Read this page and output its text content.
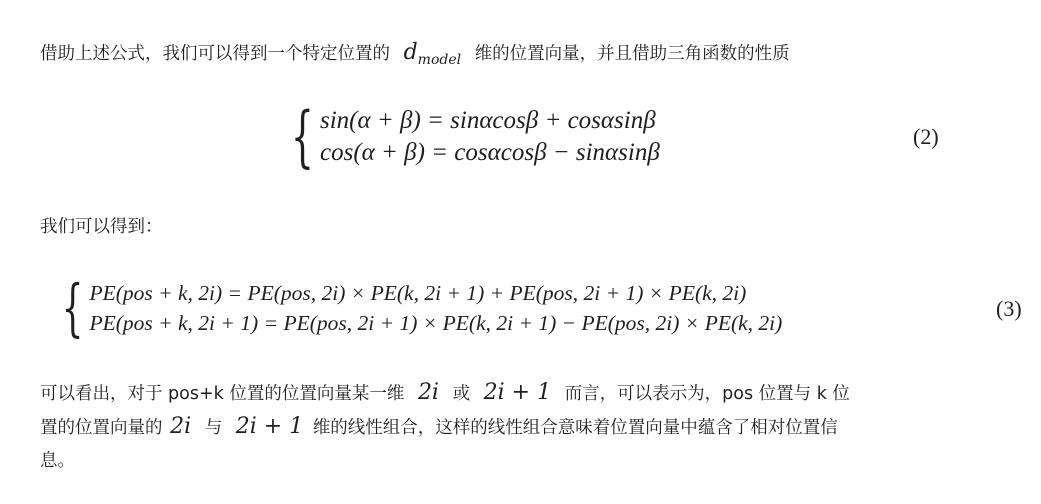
借助上述公式，我们可以得到一个特定位置的 $d_{model}$ 维的位置向量，并且借助三角函数的性质
{ sin(α + β) = sinαcosβ + cosαsinβ
cos(α + β) = cosαcosβ − sinαsinβ
(2)
我们可以得到：
{ PE(pos + k, 2i) = PE(pos, 2i) × PE(k, 2i + 1) + PE(pos, 2i + 1) × PE(k, 2i)
PE(pos + k, 2i + 1) = PE(pos, 2i + 1) × PE(k, 2i + 1) − PE(pos, 2i) × PE(k, 2i)
(3)
可以看出，对于 pos+k 位置的位置向量某一维 2i 或 2i + 1 而言，可以表示为，pos 位置与 k 位
置的位置向量的 2i 与 2i + 1 维的线性组合，这样的线性组合意味着位置向量中蕴含了相对位置信
息。
